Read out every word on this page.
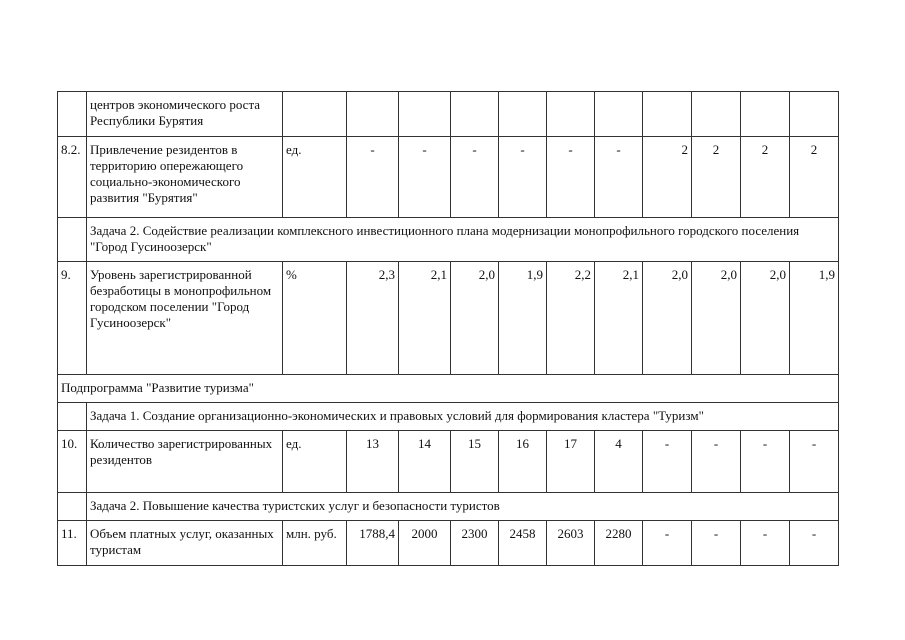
	центров экономического роста Республики Бурятия											
8.2.	Привлечение резидентов в территорию опережающего социально-экономического развития "Бурятия"	ед.	-	-	-	-	-	-	2	2	2	2
	Задача 2. Содействие реализации комплексного инвестиционного плана модернизации монопрофильного городского поселения "Город Гусиноозерск"											
9.	Уровень зарегистрированной безработицы в монопрофильном городском поселении "Город Гусиноозерск"	%	2,3	2,1	2,0	1,9	2,2	2,1	2,0	2,0	2,0	1,9
Подпрограмма "Развитие туризма"												
	Задача 1. Создание организационно-экономических и правовых условий для формирования кластера "Туризм"											
10.	Количество зарегистрированных резидентов	ед.	13	14	15	16	17	4	-	-	-	-
	Задача 2. Повышение качества туристских услуг и безопасности туристов											
11.	Объем платных услуг, оказанных туристам	млн. руб.	1788,4	2000	2300	2458	2603	2280	-	-	-	-
